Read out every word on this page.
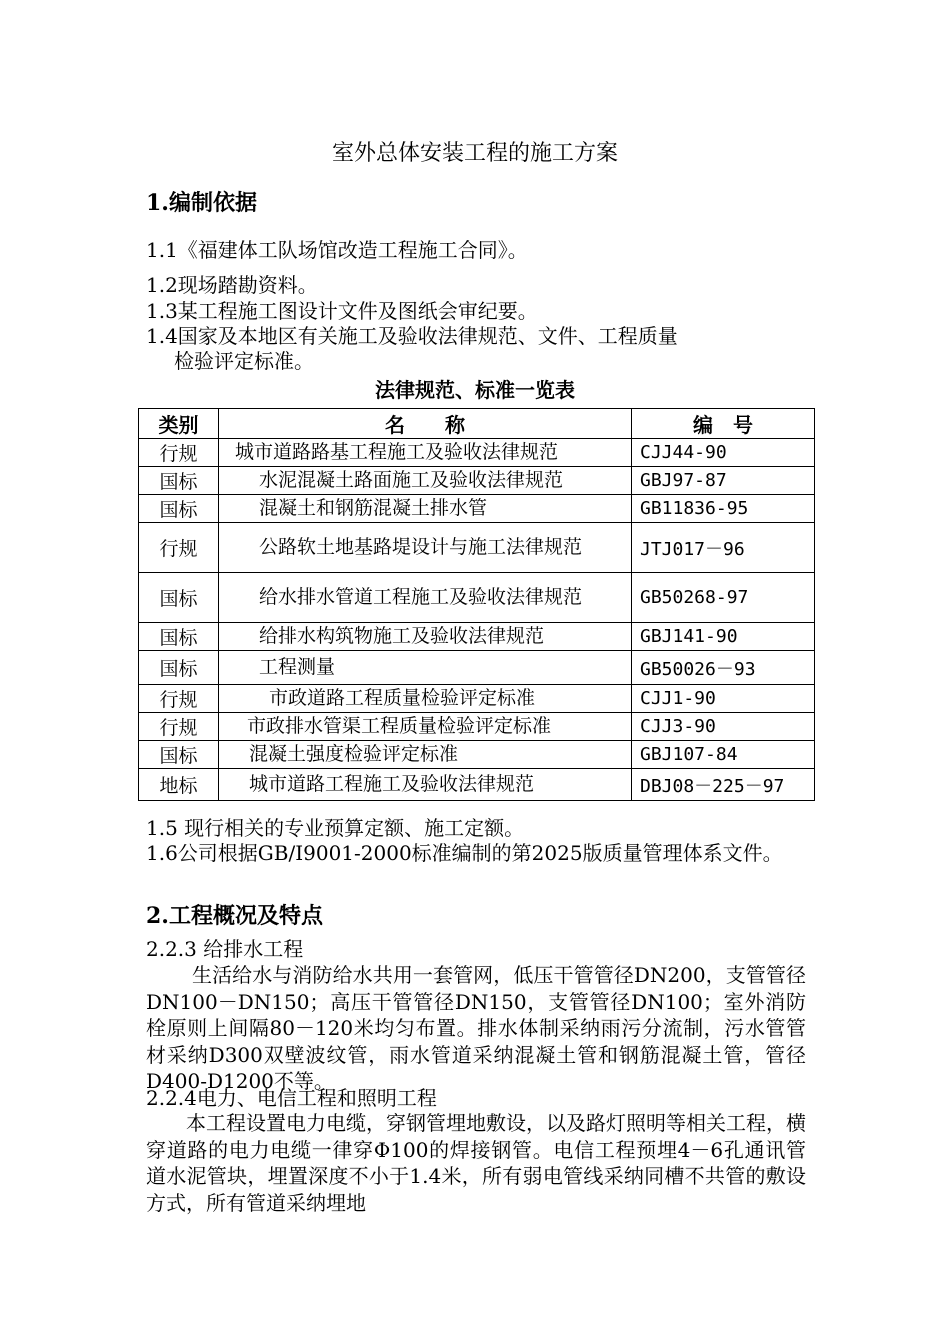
室外总体安装工程的施工方案
1.编制依据
1.1《福建体工队场馆改造工程施工合同》。
1.2现场踏勘资料。
1.3某工程施工图设计文件及图纸会审纪要。
1.4国家及本地区有关施工及验收法律规范、文件、工程质量
检验评定标准。
法律规范、标准一览表
类别	名　　称	编　号
行规	城市道路路基工程施工及验收法律规范	CJJ44-90
国标	水泥混凝土路面施工及验收法律规范	GBJ97-87
国标	混凝土和钢筋混凝土排水管	GB11836-95
行规	公路软土地基路堤设计与施工法律规范	JTJ017－96
国标	给水排水管道工程施工及验收法律规范	GB50268-97
国标	给排水构筑物施工及验收法律规范	GBJ141-90
国标	工程测量	GB50026－93
行规	市政道路工程质量检验评定标准	CJJ1-90
行规	市政排水管渠工程质量检验评定标准	CJJ3-90
国标	混凝土强度检验评定标准	GBJ107-84
地标	城市道路工程施工及验收法律规范	DBJ08－225－97
1.5 现行相关的专业预算定额、施工定额。
1.6公司根据GB/I9001-2000标准编制的第2025版质量管理体系文件。
2.工程概况及特点
2.2.3 给排水工程
生活给水与消防给水共用一套管网，低压干管管径DN200，支管管径DN100－DN150；高压干管管径DN150，支管管径DN100；室外消防栓原则上间隔80－120米均匀布置。排水体制采纳雨污分流制，污水管管材采纳D300双壁波纹管，雨水管道采纳混凝土管和钢筋混凝土管，管径D400-D1200不等。
2.2.4电力、电信工程和照明工程
本工程设置电力电缆，穿钢管埋地敷设，以及路灯照明等相关工程，横穿道路的电力电缆一律穿Φ100的焊接钢管。电信工程预埋4－6孔通讯管道水泥管块，埋置深度不小于1.4米，所有弱电管线采纳同槽不共管的敷设方式，所有管道采纳埋地
